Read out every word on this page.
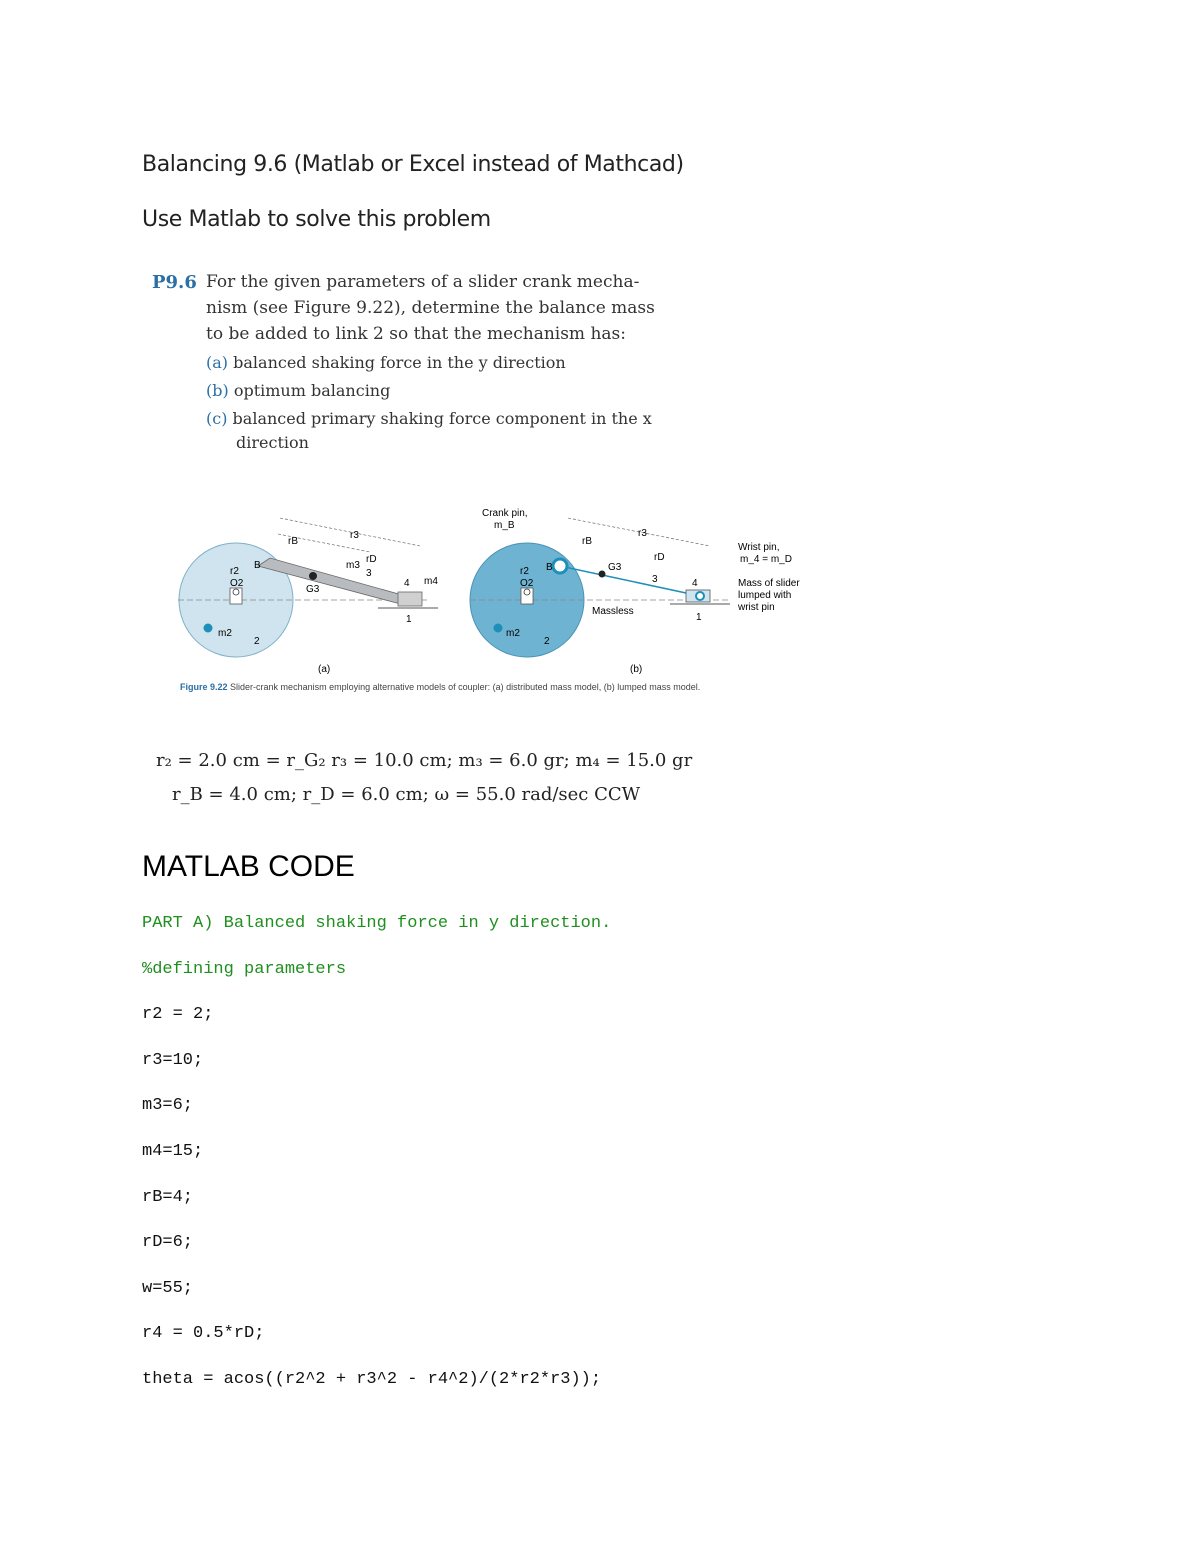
Balancing 9.6 (Matlab or Excel instead of Mathcad)
Use Matlab to solve this problem
P9.6 For the given parameters of a slider crank mecha-
nism (see Figure 9.22), determine the balance mass
to be added to link 2 so that the mechanism has:
(a) balanced shaking force in the y direction
(b) optimum balancing
(c) balanced primary shaking force component in the x
direction
r3
rB
rD
m3
3
G3
B
r2
O2
m2
2
4 m4
1
(a)
Crank pin,
m_B
r3
rB
rD
G3
3	4
B
r2
O2
m2
2
Massless
1
Wrist pin,
m_4 = m_D
Mass of slider
lumped with
wrist pin
(b)
Figure 9.22 Slider-crank mechanism employing alternative models of coupler: (a) distributed mass model, (b) lumped mass model.
r₂ = 2.0 cm = r_G₂ r₃ = 10.0 cm; m₃ = 6.0 gr; m₄ = 15.0 gr
r_B = 4.0 cm; r_D = 6.0 cm; ω = 55.0 rad/sec CCW
MATLAB CODE
PART A) Balanced shaking force in y direction.
%defining parameters
r2 = 2;
r3=10;
m3=6;
m4=15;
rB=4;
rD=6;
w=55;
r4 = 0.5*rD;
theta = acos((r2^2 + r3^2 - r4^2)/(2*r2*r3));
